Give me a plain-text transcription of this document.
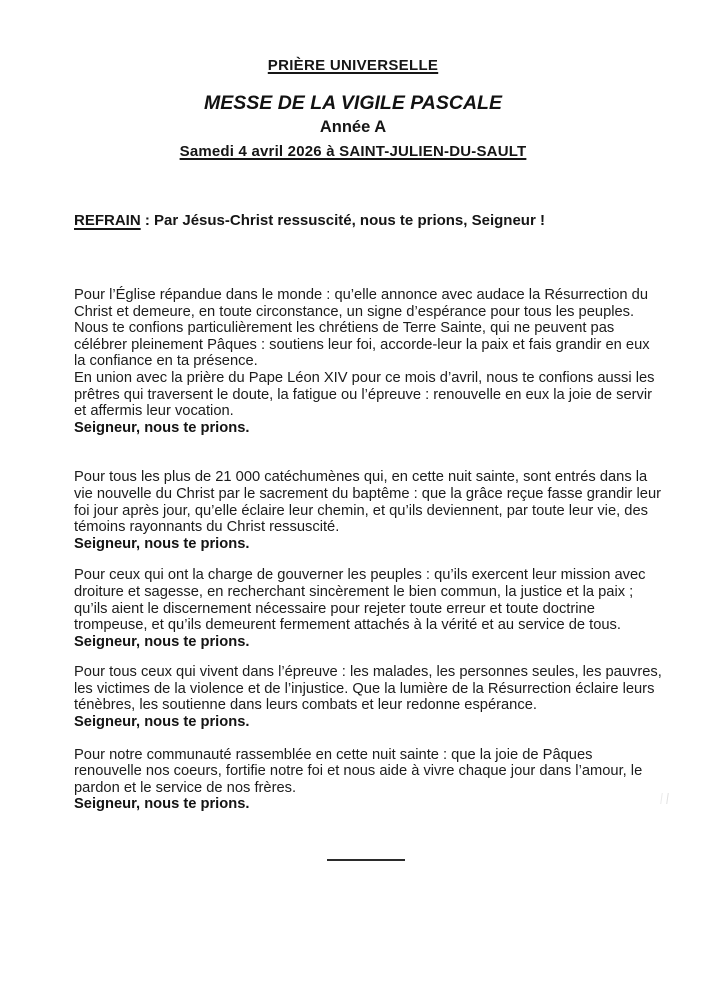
PRIÈRE UNIVERSELLE
MESSE DE LA VIGILE PASCALE
Année A
Samedi 4 avril 2026 à SAINT-JULIEN-DU-SAULT
REFRAIN : Par Jésus-Christ ressuscité, nous te prions, Seigneur !
Pour l’Église répandue dans le monde : qu’elle annonce avec audace la Résurrection du
Christ et demeure, en toute circonstance, un signe d’espérance pour tous les peuples.
Nous te confions particulièrement les chrétiens de Terre Sainte, qui ne peuvent pas
célébrer pleinement Pâques : soutiens leur foi, accorde-leur la paix et fais grandir en eux
la confiance en ta présence.
En union avec la prière du Pape Léon XIV pour ce mois d’avril, nous te confions aussi les
prêtres qui traversent le doute, la fatigue ou l’épreuve : renouvelle en eux la joie de servir
et affermis leur vocation.
Seigneur, nous te prions.
Pour tous les plus de 21 000 catéchumènes qui, en cette nuit sainte, sont entrés dans la
vie nouvelle du Christ par le sacrement du baptême : que la grâce reçue fasse grandir leur
foi jour après jour, qu’elle éclaire leur chemin, et qu’ils deviennent, par toute leur vie, des
témoins rayonnants du Christ ressuscité.
Seigneur, nous te prions.
Pour ceux qui ont la charge de gouverner les peuples : qu’ils exercent leur mission avec
droiture et sagesse, en recherchant sincèrement le bien commun, la justice et la paix ;
qu’ils aient le discernement nécessaire pour rejeter toute erreur et toute doctrine
trompeuse, et qu’ils demeurent fermement attachés à la vérité et au service de tous.
Seigneur, nous te prions.
Pour tous ceux qui vivent dans l’épreuve : les malades, les personnes seules, les pauvres,
les victimes de la violence et de l’injustice. Que la lumière de la Résurrection éclaire leurs
ténèbres, les soutienne dans leurs combats et leur redonne espérance.
Seigneur, nous te prions.
Pour notre communauté rassemblée en cette nuit sainte : que la joie de Pâques
renouvelle nos coeurs, fortifie notre foi et nous aide à vivre chaque jour dans l’amour, le
pardon et le service de nos frères.
Seigneur, nous te prions.
